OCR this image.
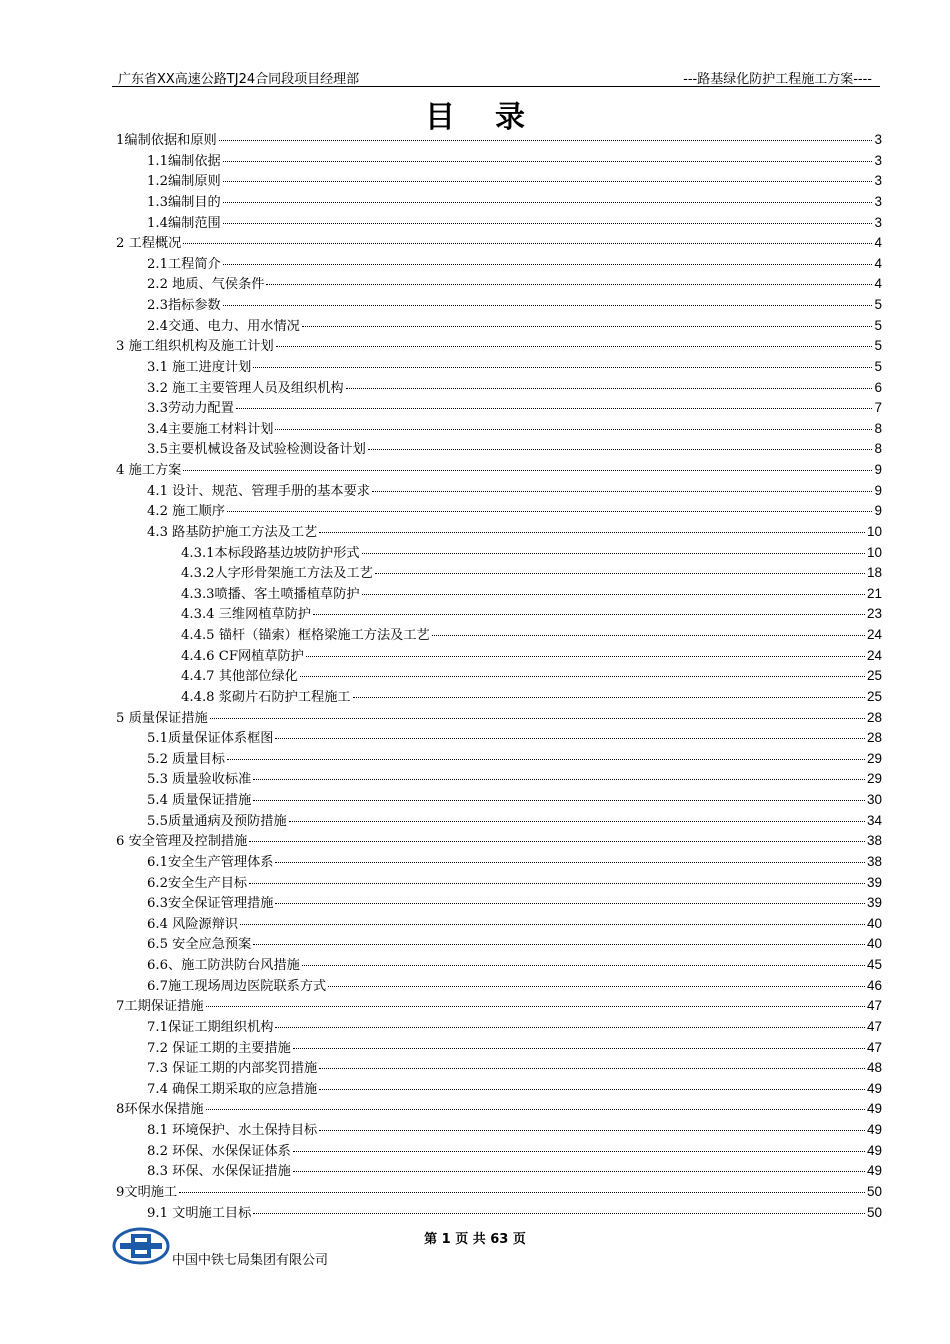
广东省XX高速公路TJ24合同段项目经理部	---路基绿化防护工程施工方案----
目录
1编制依据和原则	3
1.1编制依据	3
1.2编制原则	3
1.3编制目的	3
1.4编制范围	3
2 工程概况	4
2.1工程简介	4
2.2 地质、气侯条件	4
2.3指标参数	5
2.4交通、电力、用水情况	5
3 施工组织机构及施工计划	5
3.1 施工进度计划	5
3.2 施工主要管理人员及组织机构	6
3.3劳动力配置	7
3.4主要施工材料计划	8
3.5主要机械设备及试验检测设备计划	8
4 施工方案	9
4.1 设计、规范、管理手册的基本要求	9
4.2 施工顺序	9
4.3 路基防护施工方法及工艺	10
4.3.1本标段路基边坡防护形式	10
4.3.2人字形骨架施工方法及工艺	18
4.3.3喷播、客土喷播植草防护	21
4.3.4 三维网植草防护	23
4.4.5 锚杆（锚索）框格梁施工方法及工艺	24
4.4.6 CF网植草防护	24
4.4.7 其他部位绿化	25
4.4.8 浆砌片石防护工程施工	25
5 质量保证措施	28
5.1质量保证体系框图	28
5.2 质量目标	29
5.3 质量验收标准	29
5.4 质量保证措施	30
5.5质量通病及预防措施	34
6 安全管理及控制措施	38
6.1安全生产管理体系	38
6.2安全生产目标	39
6.3安全保证管理措施	39
6.4 风险源辩识	40
6.5 安全应急预案	40
6.6、施工防洪防台风措施	45
6.7施工现场周边医院联系方式	46
7工期保证措施	47
7.1保证工期组织机构	47
7.2 保证工期的主要措施	47
7.3 保证工期的内部奖罚措施	48
7.4 确保工期采取的应急措施	49
8环保水保措施	49
8.1 环境保护、水土保持目标	49
8.2 环保、水保保证体系	49
8.3 环保、水保保证措施	49
9文明施工	50
9.1 文明施工目标	50
中国中铁七局集团有限公司
第 1 页 共 63 页
